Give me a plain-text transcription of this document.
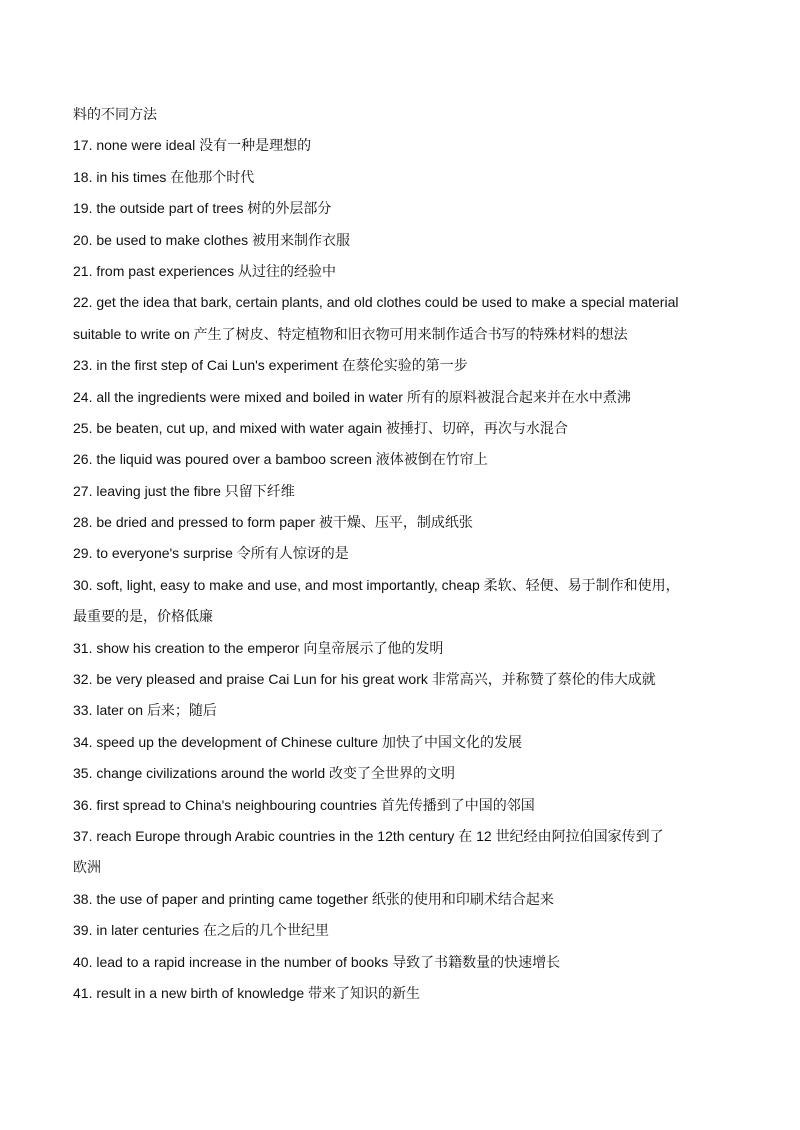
料的不同方法
17. none were ideal 没有一种是理想的
18. in his times 在他那个时代
19. the outside part of trees 树的外层部分
20. be used to make clothes 被用来制作衣服
21. from past experiences 从过往的经验中
22. get the idea that bark, certain plants, and old clothes could be used to make a special material
suitable to write on 产生了树皮、特定植物和旧衣物可用来制作适合书写的特殊材料的想法
23. in the first step of Cai Lun's experiment 在蔡伦实验的第一步
24. all the ingredients were mixed and boiled in water 所有的原料被混合起来并在水中煮沸
25. be beaten, cut up, and mixed with water again 被捶打、切碎，再次与水混合
26. the liquid was poured over a bamboo screen 液体被倒在竹帘上
27. leaving just the fibre 只留下纤维
28. be dried and pressed to form paper 被干燥、压平，制成纸张
29. to everyone's surprise 令所有人惊讶的是
30. soft, light, easy to make and use, and most importantly, cheap 柔软、轻便、易于制作和使用，
最重要的是，价格低廉
31. show his creation to the emperor 向皇帝展示了他的发明
32. be very pleased and praise Cai Lun for his great work 非常高兴，并称赞了蔡伦的伟大成就
33. later on 后来；随后
34. speed up the development of Chinese culture 加快了中国文化的发展
35. change civilizations around the world 改变了全世界的文明
36. first spread to China's neighbouring countries 首先传播到了中国的邻国
37. reach Europe through Arabic countries in the 12th century 在 12 世纪经由阿拉伯国家传到了
欧洲
38. the use of paper and printing came together 纸张的使用和印刷术结合起来
39. in later centuries 在之后的几个世纪里
40. lead to a rapid increase in the number of books 导致了书籍数量的快速增长
41. result in a new birth of knowledge 带来了知识的新生
